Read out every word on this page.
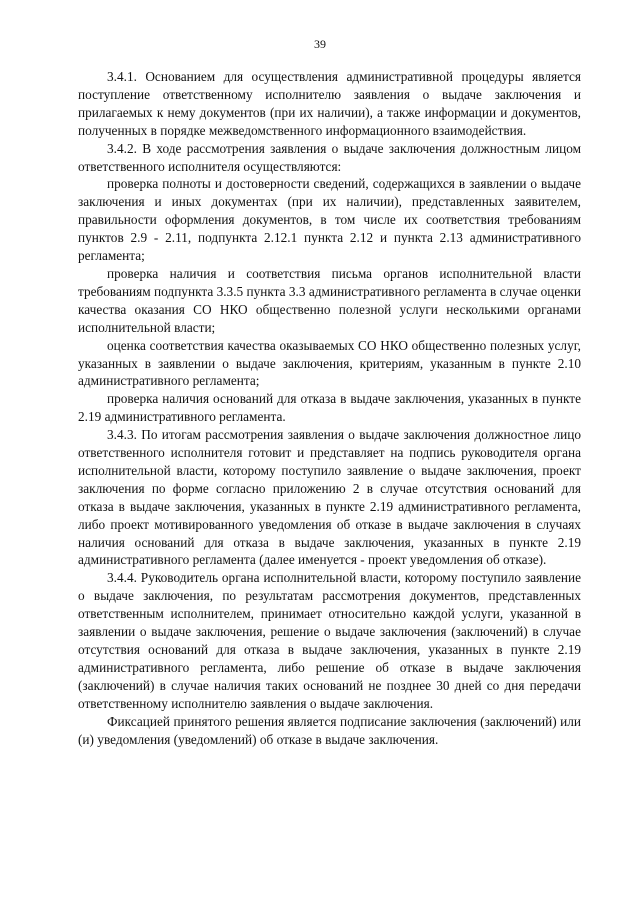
39

3.4.1. Основанием для осуществления административной процедуры является поступление ответственному исполнителю заявления о выдаче заключения и прилагаемых к нему документов (при их наличии), а также информации и документов, полученных в порядке межведомственного информационного взаимодействия.

3.4.2. В ходе рассмотрения заявления о выдаче заключения должностным лицом ответственного исполнителя осуществляются:

проверка полноты и достоверности сведений, содержащихся в заявлении о выдаче заключения и иных документах (при их наличии), представленных заявителем, правильности оформления документов, в том числе их соответствия требованиям пунктов 2.9 - 2.11, подпункта 2.12.1 пункта 2.12 и пункта 2.13 административного регламента;

проверка наличия и соответствия письма органов исполнительной власти требованиям подпункта 3.3.5 пункта 3.3 административного регламента в случае оценки качества оказания СО НКО общественно полезной услуги несколькими органами исполнительной власти;

оценка соответствия качества оказываемых СО НКО общественно полезных услуг, указанных в заявлении о выдаче заключения, критериям, указанным в пункте 2.10 административного регламента;

проверка наличия оснований для отказа в выдаче заключения, указанных в пункте 2.19 административного регламента.

3.4.3. По итогам рассмотрения заявления о выдаче заключения должностное лицо ответственного исполнителя готовит и представляет на подпись руководителя органа исполнительной власти, которому поступило заявление о выдаче заключения, проект заключения по форме согласно приложению 2 в случае отсутствия оснований для отказа в выдаче заключения, указанных в пункте 2.19 административного регламента, либо проект мотивированного уведомления об отказе в выдаче заключения в случаях наличия оснований для отказа в выдаче заключения, указанных в пункте 2.19 административного регламента (далее именуется - проект уведомления об отказе).

3.4.4. Руководитель органа исполнительной власти, которому поступило заявление о выдаче заключения, по результатам рассмотрения документов, представленных ответственным исполнителем, принимает относительно каждой услуги, указанной в заявлении о выдаче заключения, решение о выдаче заключения (заключений) в случае отсутствия оснований для отказа в выдаче заключения, указанных в пункте 2.19 административного регламента, либо решение об отказе в выдаче заключения (заключений) в случае наличия таких оснований не позднее 30 дней со дня передачи ответственному исполнителю заявления о выдаче заключения.

Фиксацией принятого решения является подписание заключения (заключений) или (и) уведомления (уведомлений) об отказе в выдаче заключения.
